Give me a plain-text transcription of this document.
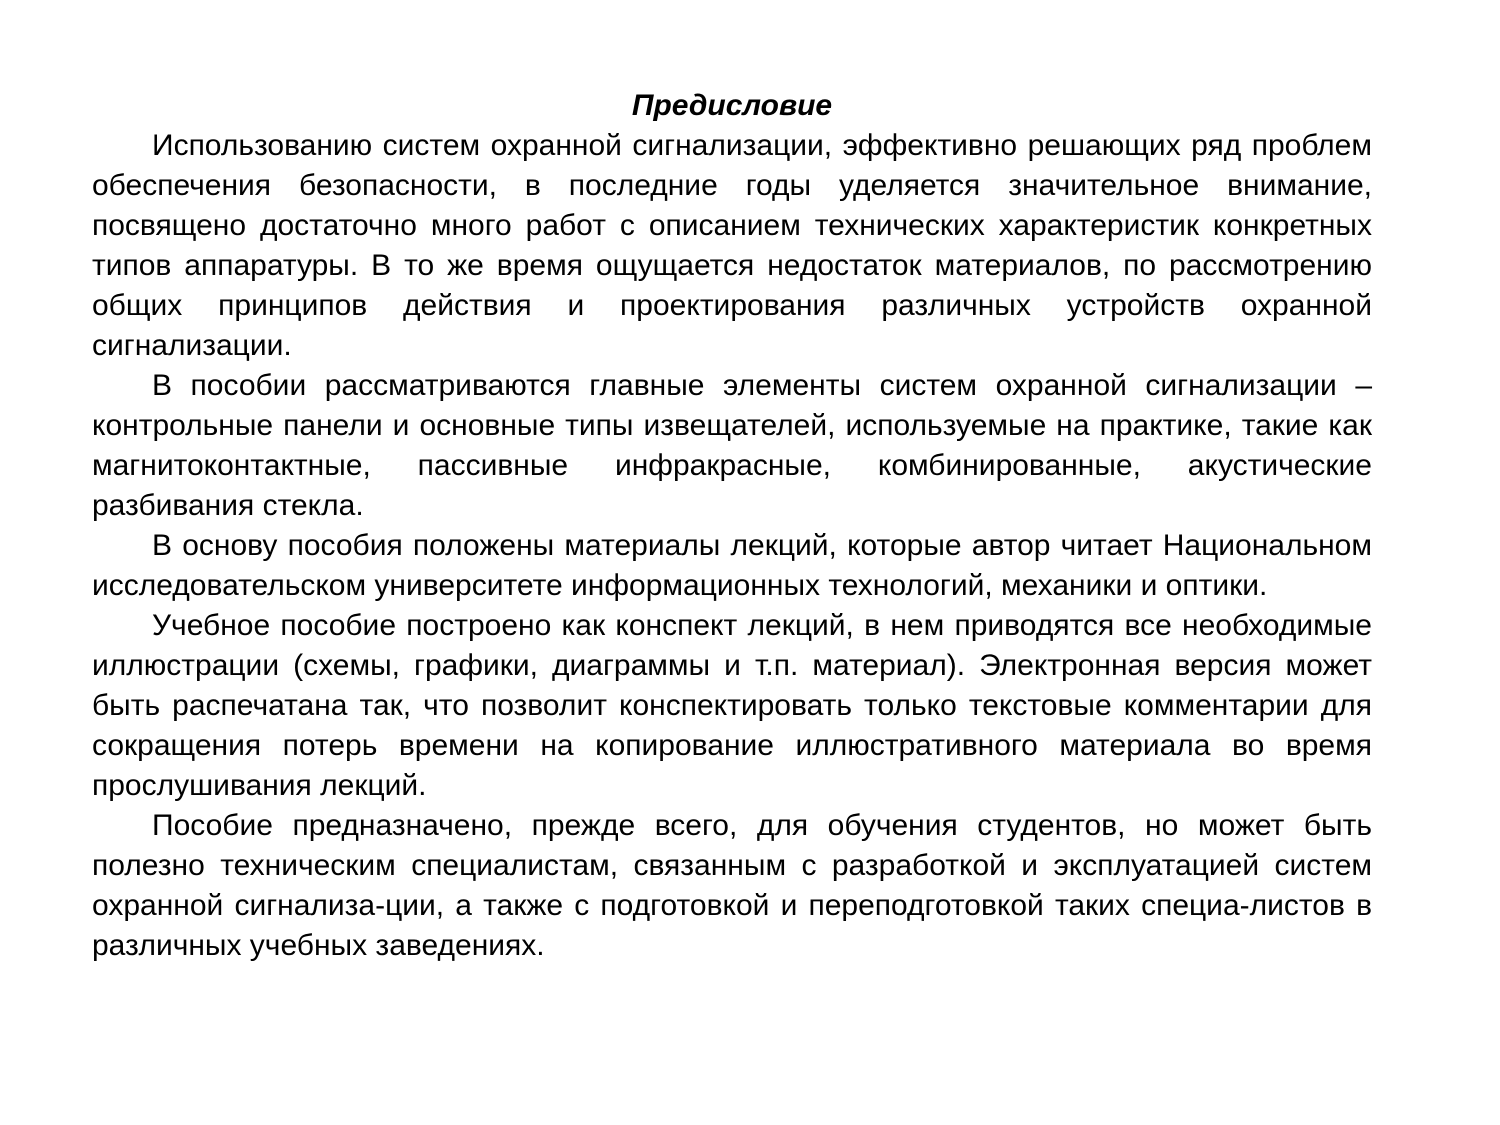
Предисловие

Использованию систем охранной сигнализации, эффективно решающих ряд проблем обеспечения безопасности, в последние годы уделяется значительное внимание, посвящено достаточно много работ с описанием технических характеристик конкретных типов аппаратуры. В то же время ощущается недостаток материалов, по рассмотрению общих принципов действия и проектирования различных устройств охранной сигнализации.

В пособии рассматриваются главные элементы систем охранной сигнализации – контрольные панели и основные типы извещателей, используемые на практике, такие как магнитоконтактные, пассивные инфракрасные, комбинированные, акустические разбивания стекла.

В основу пособия положены материалы лекций, которые автор читает Национальном исследовательском университете информационных технологий, механики и оптики.

Учебное пособие построено как конспект лекций, в нем приводятся все необходимые иллюстрации (схемы, графики, диаграммы и т.п. материал). Электронная версия может быть распечатана так, что позволит конспектировать только текстовые комментарии для сокращения потерь времени на копирование иллюстративного материала во время прослушивания лекций.

Пособие предназначено, прежде всего, для обучения студентов, но может быть полезно техническим специалистам, связанным с разработкой и эксплуатацией систем охранной сигнализа-ции, а также с подготовкой и переподготовкой таких специа-листов в различных учебных заведениях.
